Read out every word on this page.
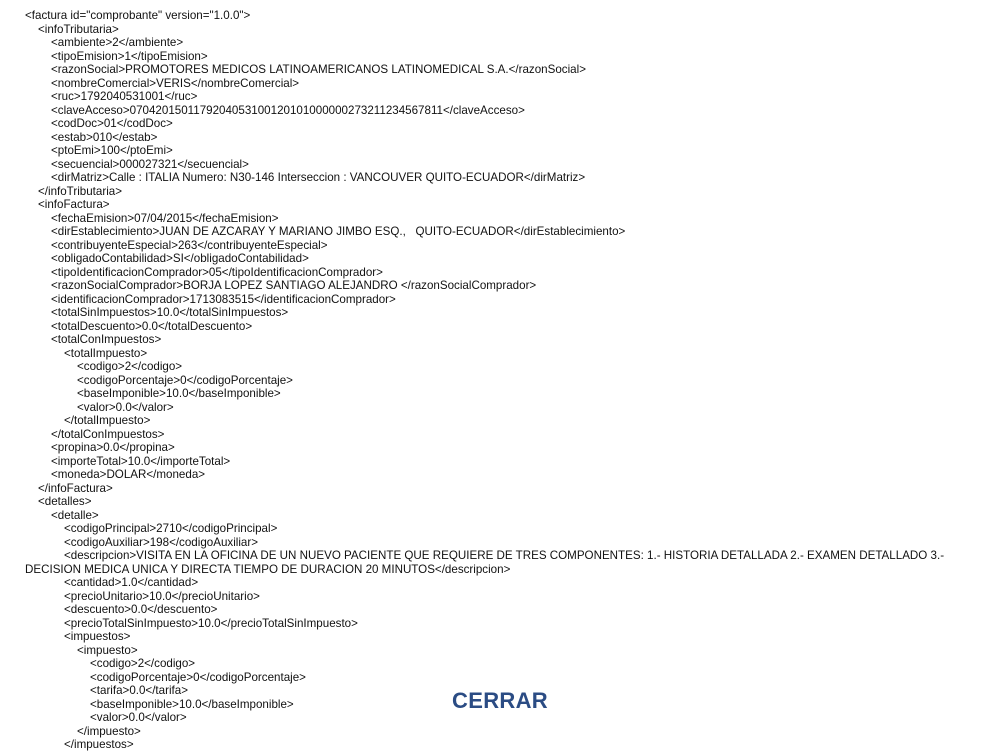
<factura id="comprobante" version="1.0.0">
<infoTributaria>
<ambiente>2</ambiente>
<tipoEmision>1</tipoEmision>
<razonSocial>PROMOTORES MEDICOS LATINOAMERICANOS LATINOMEDICAL S.A.</razonSocial>
<nombreComercial>VERIS</nombreComercial>
<ruc>1792040531001</ruc>
<claveAcceso>0704201501179204053100120101000000273211234567811</claveAcceso>
<codDoc>01</codDoc>
<estab>010</estab>
<ptoEmi>100</ptoEmi>
<secuencial>000027321</secuencial>
<dirMatriz>Calle : ITALIA Numero: N30-146 Interseccion : VANCOUVER QUITO-ECUADOR</dirMatriz>
</infoTributaria>
<infoFactura>
<fechaEmision>07/04/2015</fechaEmision>
<dirEstablecimiento>JUAN DE AZCARAY Y MARIANO JIMBO ESQ.,   QUITO-ECUADOR</dirEstablecimiento>
<contribuyenteEspecial>263</contribuyenteEspecial>
<obligadoContabilidad>SI</obligadoContabilidad>
<tipoIdentificacionComprador>05</tipoIdentificacionComprador>
<razonSocialComprador>BORJA LOPEZ SANTIAGO ALEJANDRO </razonSocialComprador>
<identificacionComprador>1713083515</identificacionComprador>
<totalSinImpuestos>10.0</totalSinImpuestos>
<totalDescuento>0.0</totalDescuento>
<totalConImpuestos>
<totalImpuesto>
<codigo>2</codigo>
<codigoPorcentaje>0</codigoPorcentaje>
<baseImponible>10.0</baseImponible>
<valor>0.0</valor>
</totalImpuesto>
</totalConImpuestos>
<propina>0.0</propina>
<importeTotal>10.0</importeTotal>
<moneda>DOLAR</moneda>
</infoFactura>
<detalles>
<detalle>
<codigoPrincipal>2710</codigoPrincipal>
<codigoAuxiliar>198</codigoAuxiliar>
<descripcion>VISITA EN LA OFICINA DE UN NUEVO PACIENTE QUE REQUIERE DE TRES COMPONENTES: 1.- HISTORIA DETALLADA 2.- EXAMEN DETALLADO 3.- DECISION MEDICA UNICA Y DIRECTA TIEMPO DE DURACION 20 MINUTOS</descripcion>
<cantidad>1.0</cantidad>
<precioUnitario>10.0</precioUnitario>
<descuento>0.0</descuento>
<precioTotalSinImpuesto>10.0</precioTotalSinImpuesto>
<impuestos>
<impuesto>
<codigo>2</codigo>
<codigoPorcentaje>0</codigoPorcentaje>
<tarifa>0.0</tarifa>
<baseImponible>10.0</baseImponible>
<valor>0.0</valor>
</impuesto>
</impuestos>
CERRAR
